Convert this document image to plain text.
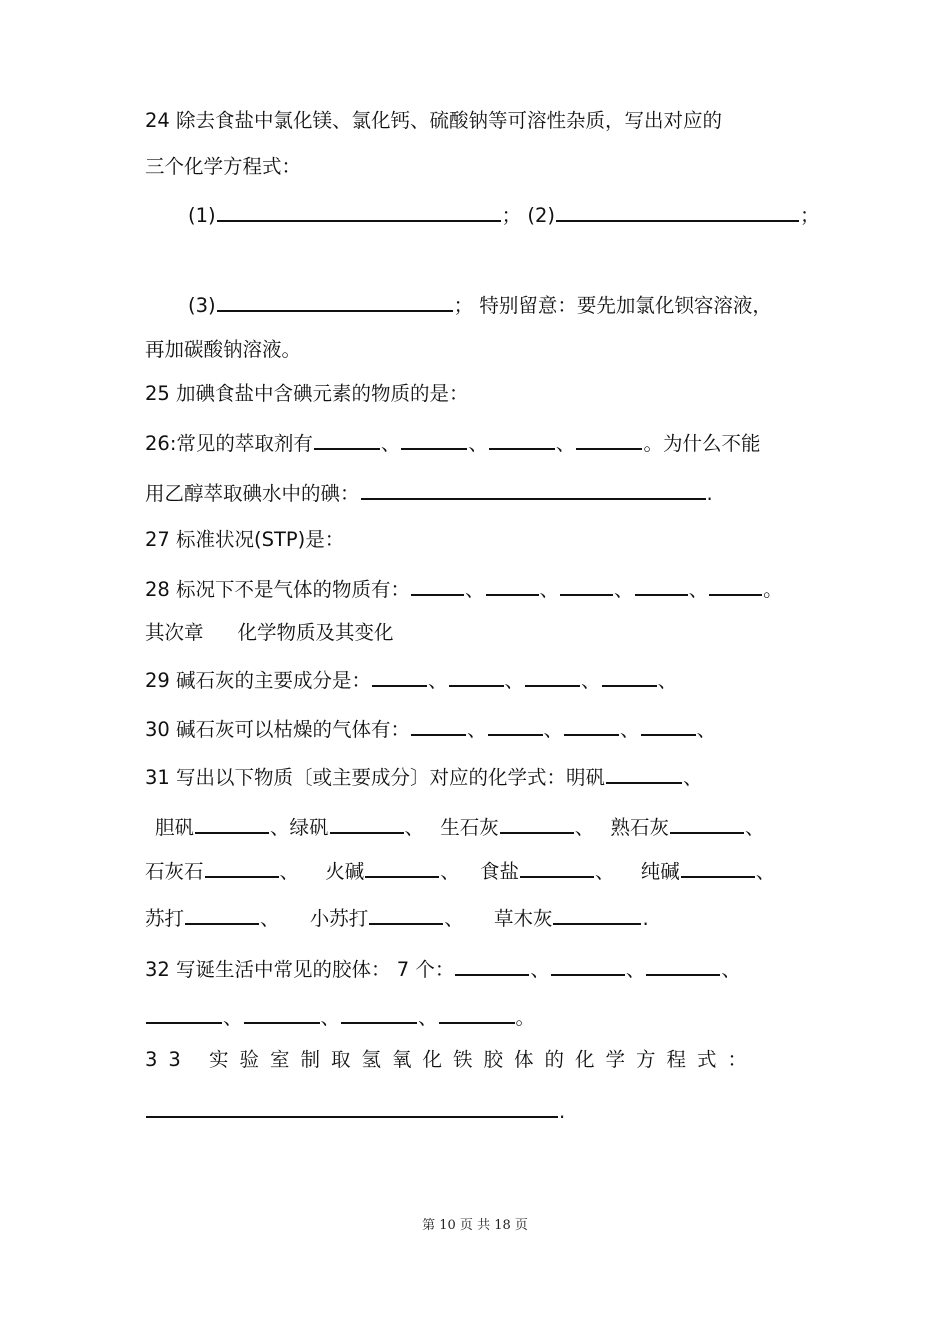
24 除去食盐中氯化镁、氯化钙、硫酸钠等可溶性杂质，写出对应的
三个化学方程式：
(1)	； (2)	；
(3)	； 特别留意：要先加氯化钡容溶液，
再加碳酸钠溶液。
25 加碘食盐中含碘元素的物质的是：
26:常见的萃取剂有	、	、	、	。为什么不能
用乙醇萃取碘水中的碘：	.
27 标准状况(STP)是：
28 标况下不是气体的物质有：	、	、	、	、	。
其次章 化学物质及其变化
29 碱石灰的主要成分是：	、	、	、	、
30 碱石灰可以枯燥的气体有：	、	、	、	、
31 写出以下物质〔或主要成分〕对应的化学式：明矾	、
胆矾	、绿矾	、 生石灰	、 熟石灰	、
石灰石	、 火碱	、 食盐	、 纯碱	、
苏打	、 小苏打	、 草木灰	.
32 写诞生活中常见的胶体： 7 个：	、	、	、
、	、	、	。
33 实验室制取氢氧化铁胶体的化学方程式：
.
第 10 页 共 18 页
